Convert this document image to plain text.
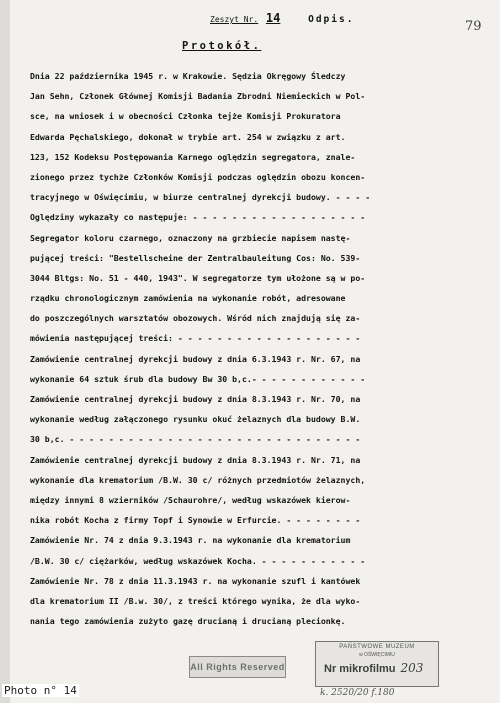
Zeszyt Nr. 14	Odpis.	79
Protokół.
Dnia 22 października 1945 r. w Krakowie. Sędzia Okręgowy Śledczy
Jan Sehn, Członek Głównej Komisji Badania Zbrodni Niemieckich w Pol-
sce, na wniosek i w obecności Członka tejże Komisji Prokuratora
Edwarda Pęchalskiego, dokonał w trybie art. 254 w związku z art.
123, 152 Kodeksu Postępowania Karnego oględzin segregatora, znale-
zionego przez tychże Członków Komisji podczas oględzin obozu koncen-
tracyjnego w Oświęcimiu, w biurze centralnej dyrekcji budowy. - - - -
Oględziny wykazały co następuje: - - - - - - - - - - - - - - - - - -
Segregator koloru czarnego, oznaczony na grzbiecie napisem nastę-
pującej treści: "Bestellscheine der Zentralbauleitung Cos: No. 539-
3044 Bltgs: No. 51 - 440, 1943". W segregatorze tym ułożone są w po-
rządku chronologicznym zamówienia na wykonanie robót, adresowane
do poszczególnych warsztatów obozowych. Wśród nich znajdują się za-
mówienia następującej treści: - - - - - - - - - - - - - - - - - - -
Zamówienie centralnej dyrekcji budowy z dnia 6.3.1943 r. Nr. 67, na
wykonanie 64 sztuk śrub dla budowy Bw 30 b,c.- - - - - - - - - - - -
Zamówienie centralnej dyrekcji budowy z dnia 8.3.1943 r. Nr. 70, na
wykonanie według załączonego rysunku okuć żelaznych dla budowy B.W.
30 b,c. - - - - - - - - - - - - - - - - - - - - - - - - - - - - - -
Zamówienie centralnej dyrekcji budowy z dnia 8.3.1943 r. Nr. 71, na
wykonanie dla krematorium /B.W. 30 c/ różnych przedmiotów żelaznych,
między innymi 8 wzierników /Schaurohre/, według wskazówek kierow-
nika robót Kocha z firmy Topf i Synowie w Erfurcie. - - - - - - - -
Zamówienie Nr. 74 z dnia 9.3.1943 r. na wykonanie dla krematorium
/B.W. 30 c/ ciężarków, według wskazówek Kocha. - - - - - - - - - - -
Zamówienie Nr. 78 z dnia 11.3.1943 r. na wykonanie szufl i kantówek
dla krematorium II /B.w. 30/, z treści którego wynika, że dla wyko-
nania tego zamówienia zużyto gazę drucianą i drucianą plecionkę.
All Rights Reserved
PAŃSTWOWE MUZEUM
w OŚWIĘCIMIU
Nr mikrofilmu 203
k. 2520/20 f.180
Photo n° 14
